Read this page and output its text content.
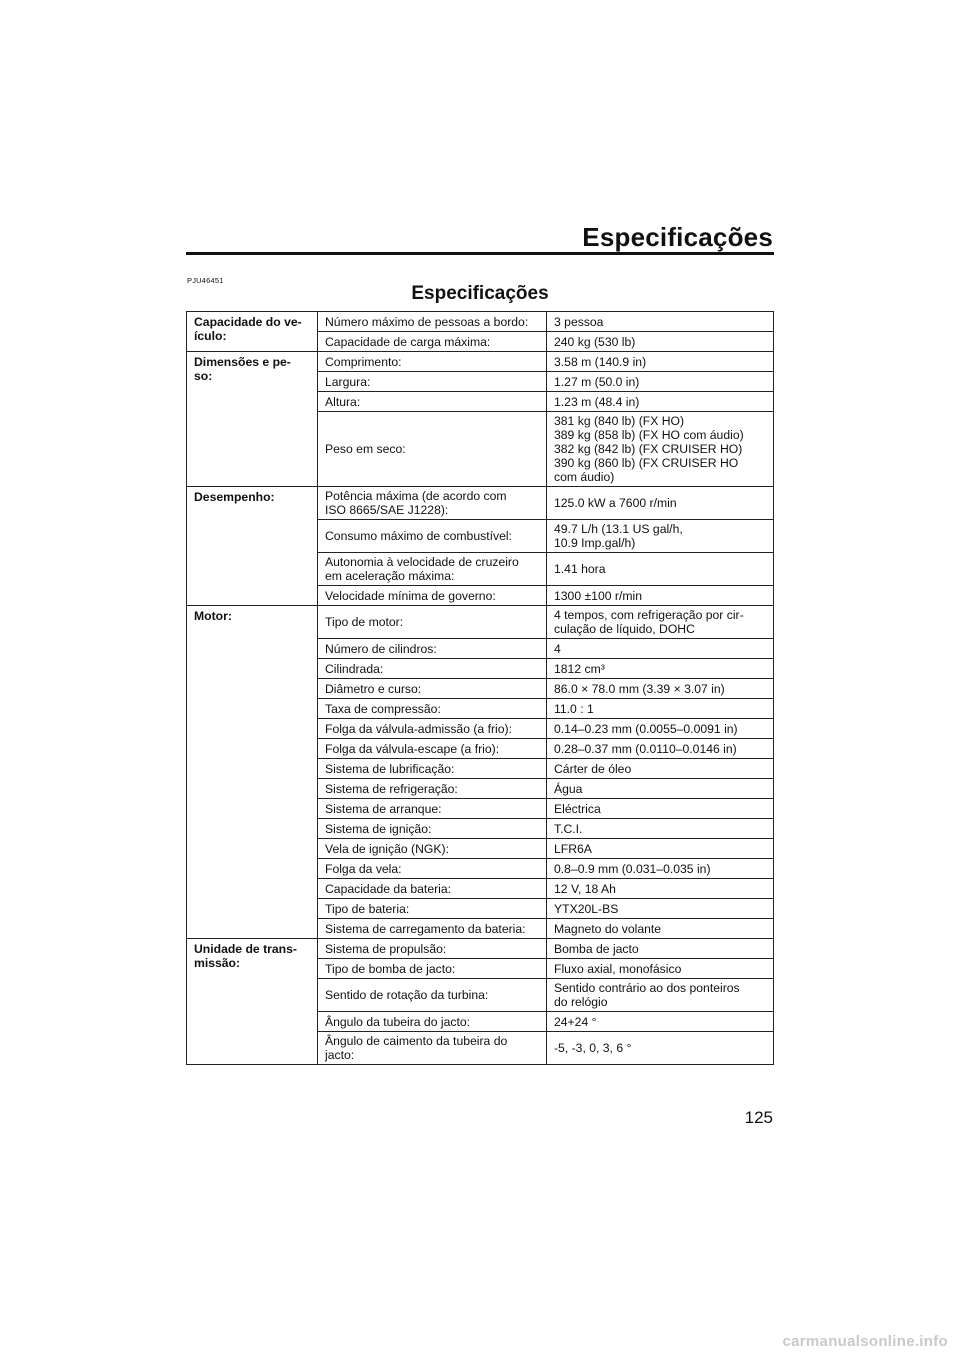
Especificações
PJU46451
Especificações
Capacidade do ve-
ículo:	Número máximo de pessoas a bordo:	3 pessoa
	Capacidade de carga máxima:	240 kg (530 lb)
Dimensões e pe-
so:	Comprimento:	3.58 m (140.9 in)
	Largura:	1.27 m (50.0 in)
	Altura:	1.23 m (48.4 in)
	Peso em seco:	381 kg (840 lb) (FX HO)
389 kg (858 lb) (FX HO com áudio)
382 kg (842 lb) (FX CRUISER HO)
390 kg (860 lb) (FX CRUISER HO
com áudio)
Desempenho:	Potência máxima (de acordo com
ISO 8665/SAE J1228):	125.0 kW a 7600 r/min
	Consumo máximo de combustível:	49.7 L/h (13.1 US gal/h,
10.9 Imp.gal/h)
	Autonomia à velocidade de cruzeiro
em aceleração máxima:	1.41 hora
	Velocidade mínima de governo:	1300 ±100 r/min
Motor:	Tipo de motor:	4 tempos, com refrigeração por cir-
culação de líquido, DOHC
	Número de cilindros:	4
	Cilindrada:	1812 cm³
	Diâmetro e curso:	86.0 × 78.0 mm (3.39 × 3.07 in)
	Taxa de compressão:	11.0 : 1
	Folga da válvula-admissão (a frio):	0.14–0.23 mm (0.0055–0.0091 in)
	Folga da válvula-escape (a frio):	0.28–0.37 mm (0.0110–0.0146 in)
	Sistema de lubrificação:	Cárter de óleo
	Sistema de refrigeração:	Água
	Sistema de arranque:	Eléctrica
	Sistema de ignição:	T.C.I.
	Vela de ignição (NGK):	LFR6A
	Folga da vela:	0.8–0.9 mm (0.031–0.035 in)
	Capacidade da bateria:	12 V, 18 Ah
	Tipo de bateria:	YTX20L-BS
	Sistema de carregamento da bateria:	Magneto do volante
Unidade de trans-
missão:	Sistema de propulsão:	Bomba de jacto
	Tipo de bomba de jacto:	Fluxo axial, monofásico
	Sentido de rotação da turbina:	Sentido contrário ao dos ponteiros
do relógio
	Ângulo da tubeira do jacto:	24+24 °
	Ângulo de caimento da tubeira do
jacto:	-5, -3, 0, 3, 6 °
125
carmanualsonline.info
